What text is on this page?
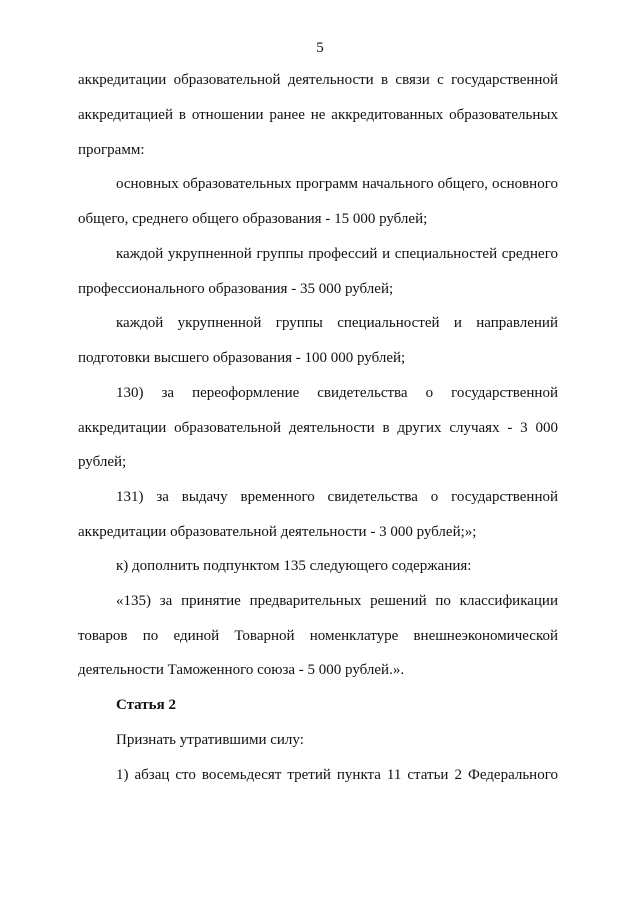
5
аккредитации образовательной деятельности в связи с государственной
аккредитацией в отношении ранее не аккредитованных образовательных
программ:
основных образовательных программ начального общего, основного
общего, среднего общего образования - 15 000 рублей;
каждой укрупненной группы профессий и специальностей среднего
профессионального образования - 35 000 рублей;
каждой укрупненной группы специальностей и направлений
подготовки высшего образования - 100 000 рублей;
130) за переоформление свидетельства о государственной
аккредитации образовательной деятельности в других случаях - 3 000
рублей;
131) за выдачу временного свидетельства о государственной
аккредитации образовательной деятельности - 3 000 рублей;»;
к) дополнить подпунктом 135 следующего содержания:
«135) за принятие предварительных решений по классификации
товаров по единой Товарной номенклатуре внешнеэкономической
деятельности Таможенного союза - 5 000 рублей.».
Статья 2
Признать утратившими силу:
1) абзац сто восемьдесят третий пункта 11 статьи 2 Федерального
